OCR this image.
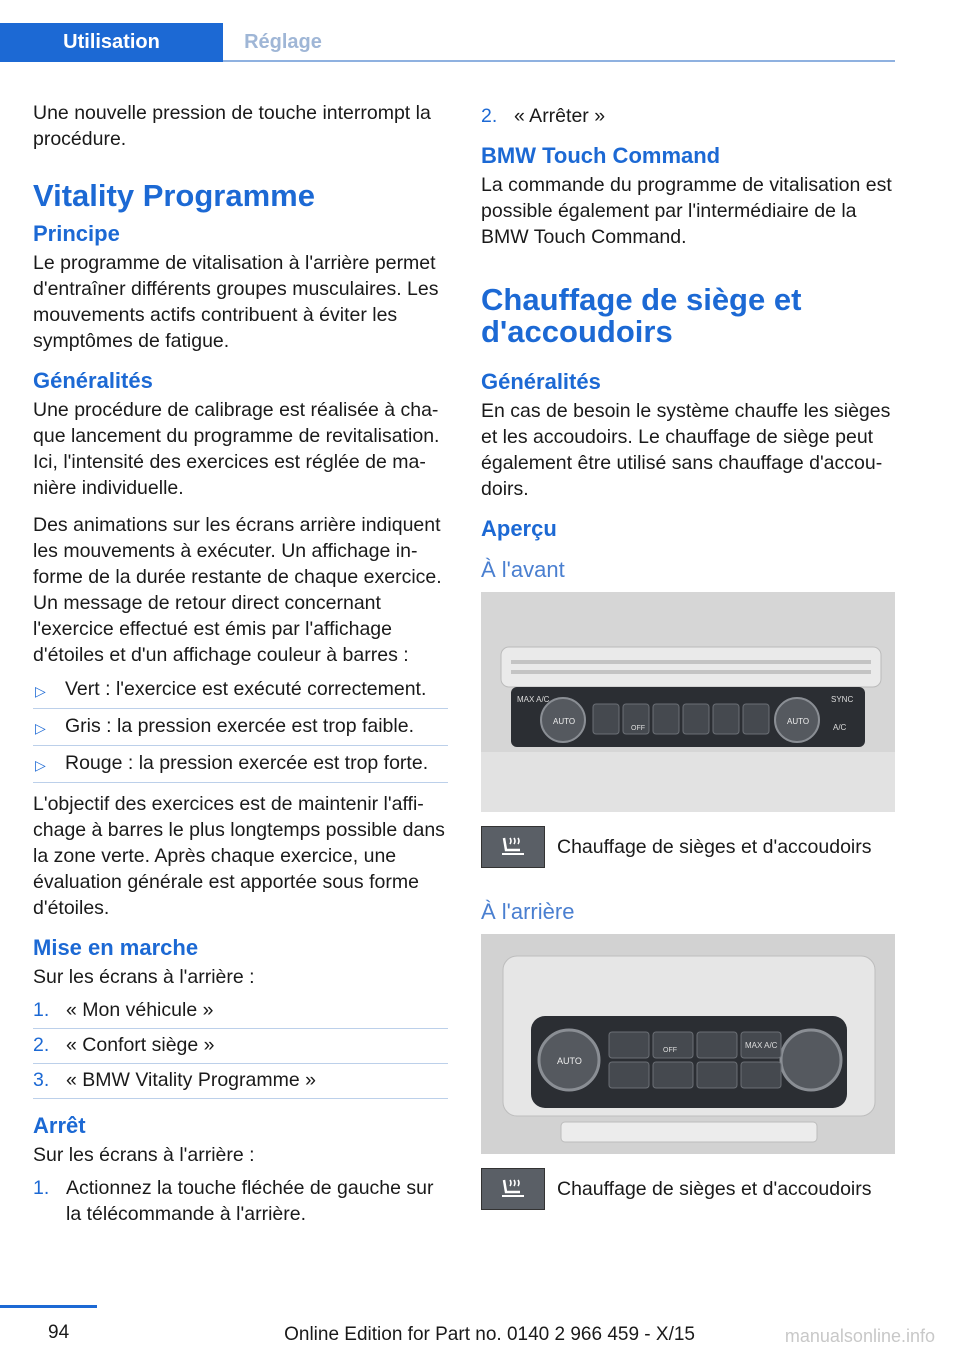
Utilisation	Réglage

Une nouvelle pression de touche interrompt la procédure.

Vitality Programme
Principe

Le programme de vitalisation à l'arrière permet d'entraîner différents groupes musculaires. Les mouvements actifs contribuent à éviter les symptômes de fatigue.

Généralités

Une procédure de calibrage est réalisée à chaque lancement du programme de revitalisation. Ici, l'intensité des exercices est réglée de manière individuelle.

Des animations sur les écrans arrière indiquent les mouvements à exécuter. Un affichage informe de la durée restante de chaque exercice. Un message de retour direct concernant l'exercice effectué est émis par l'affichage d'étoiles et d'un affichage couleur à barres :

▷ Vert : l'exercice est exécuté correctement.
▷ Gris : la pression exercée est trop faible.
▷ Rouge : la pression exercée est trop forte.

L'objectif des exercices est de maintenir l'affichage à barres le plus longtemps possible dans la zone verte. Après chaque exercice, une évaluation générale est apportée sous forme d'étoiles.

Mise en marche

Sur les écrans à l'arrière :

1. « Mon véhicule »
2. « Confort siège »
3. « BMW Vitality Programme »
Arrêt

Sur les écrans à l'arrière :

1. Actionnez la touche fléchée de gauche sur la télécommande à l'arrière.
2. « Arrêter »
BMW Touch Command

La commande du programme de vitalisation est possible également par l'intermédiaire de la BMW Touch Command.

Chauffage de siège et d'accoudoirs
Généralités

En cas de besoin le système chauffe les sièges et les accoudoirs. Le chauffage de siège peut également être utilisé sans chauffage d'accoudoirs.

Aperçu
À l'avant
MAX A/C
AUTO	AUTO
SYNC
A/C
OFF
Chauffage de sièges et d'accoudoirs
À l'arrière
AUTO
OFF
MAX A/C
Chauffage de sièges et d'accoudoirs
94	Online Edition for Part no. 0140 2 966 459 - X/15	manualsonline.info
